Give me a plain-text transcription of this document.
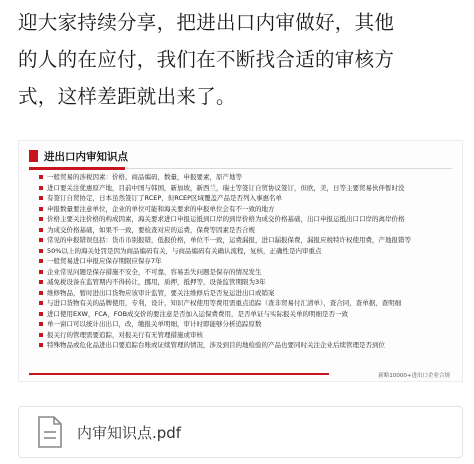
迎大家持续分享，把进出口内审做好，其他
的人的在应付，我们在不断找合适的审核方
式，这样差距就出来了。
进出口内审知识点
一般贸易的涉税因素：价格，商品编码，数量，申报要素，原产地等
进口要关注优惠原产地，目前中国与韩国，新加坡，新西兰，瑞士等签订自贸协议签订，但欧，美，日等主要贸易伙伴暂时没
有签订自贸协定，日本虽然签订了RCEP，但RCEP区域覆盖产品是否列入事惠名单
申报数量要注意单位，企业的单位可能和海关要求的申报单位会有不一致的地方
价格主要关注价格的构成因素，海关要求进口申报运抵到口岸的到岸价格为成交价格基础，出口申报运抵出口口岸的离岸价格
为成交价格基础，如果不一致，要检查对应的运费，保费等因素是否合规
常见的申报错误包括：货币币别报错，低报价格，单位不一致，运费漏报，进口漏报保费，漏报应税特许权使用费，产地报错等
50%以上的海关处罚是因为商品编码有关，与商品编码有关确认流程，复核，正确性是内审重点
一般贸易进口申报应保存期限应保存7年
企业常见问题是保存措施不安全，不可靠，容易丢失问题是保存的情况发生
减免税设备在监管期内不得转让，挪用，质押，抵押等，设备监管期限为3年
维修物品，暂时进出口货物应该审计监管，要关注维修后是否复运进出口或销案
与进口货物有关的品牌使用，专利，设计，知识产权使用等费用需重点追踪（查非贸易付汇清单），查合同，查单据，查明细
进口使用EXW，FCA，FOB成交价的要注意是否加入运保费费用，是否单证与实际报关单的明细是否一致
单一窗口可以统计出出口，改，缴报关单明细，审计时即能够分析追踪原数
报关行的管理需要追踪，对报关行有无管理措施或审核
特殊物品或危化品进出口要追踪台账或证续管理的情况，涉及到目的地检验的产品也要同时关注企业后续管理是否到位
新略10000+进出口企业合规
内审知识点.pdf
